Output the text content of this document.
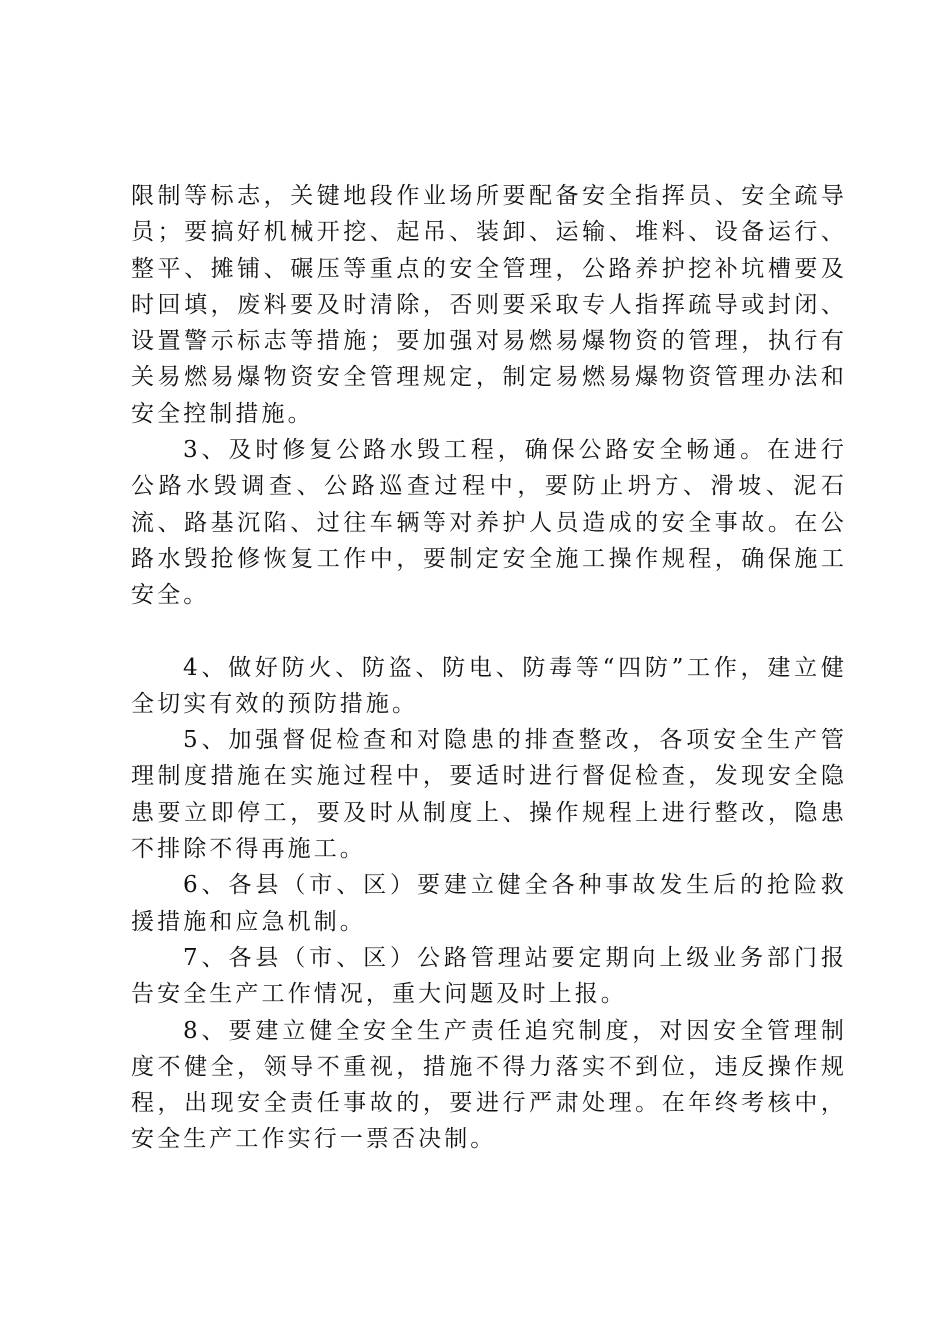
限制等标志，关键地段作业场所要配备安全指挥员、安全疏导员；要搞好机械开挖、起吊、装卸、运输、堆料、设备运行、整平、摊铺、碾压等重点的安全管理，公路养护挖补坑槽要及时回填，废料要及时清除，否则要采取专人指挥疏导或封闭、设置警示标志等措施；要加强对易燃易爆物资的管理，执行有关易燃易爆物资安全管理规定，制定易燃易爆物资管理办法和安全控制措施。

3、及时修复公路水毁工程，确保公路安全畅通。在进行公路水毁调查、公路巡查过程中，要防止坍方、滑坡、泥石流、路基沉陷、过往车辆等对养护人员造成的安全事故。在公路水毁抢修恢复工作中，要制定安全施工操作规程，确保施工安全。

4、做好防火、防盗、防电、防毒等“四防”工作，建立健全切实有效的预防措施。

5、加强督促检查和对隐患的排查整改，各项安全生产管理制度措施在实施过程中，要适时进行督促检查，发现安全隐患要立即停工，要及时从制度上、操作规程上进行整改，隐患不排除不得再施工。

6、各县（市、区）要建立健全各种事故发生后的抢险救援措施和应急机制。

7、各县（市、区）公路管理站要定期向上级业务部门报告安全生产工作情况，重大问题及时上报。

8、要建立健全安全生产责任追究制度，对因安全管理制度不健全，领导不重视，措施不得力落实不到位，违反操作规程，出现安全责任事故的，要进行严肃处理。在年终考核中，安全生产工作实行一票否决制。
